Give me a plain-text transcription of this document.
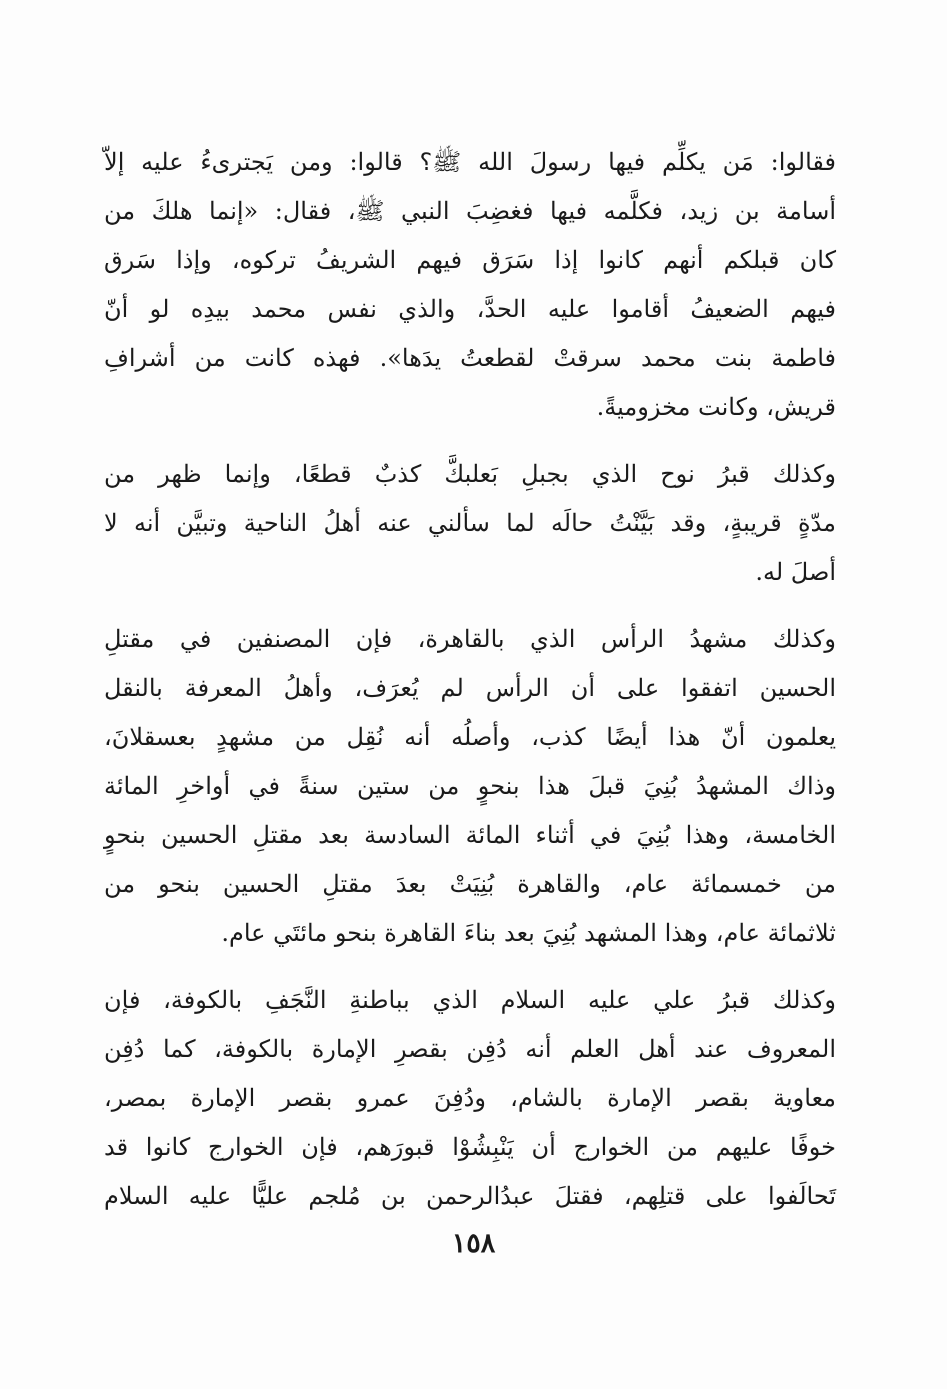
فقالوا: مَن يكلِّم فيها رسولَ الله ﷺ؟ قالوا: ومن يَجترىءُ عليه إلاّ
أسامة بن زيد، فكلَّمه فيها فغضِبَ النبي ﷺ، فقال: «إنما هلكَ من
كان قبلكم أنهم كانوا إذا سَرَق فيهم الشريفُ تركوه، وإذا سَرق
فيهم الضعيفُ أقاموا عليه الحدَّ، والذي نفس محمد بيدِه لو أنّ
فاطمة بنت محمد سرقتْ لقطعتُ يدَها». فهذه كانت من أشرافِ
قريش، وكانت مخزوميةً.
وكذلك قبرُ نوح الذي بجبلِ بَعلبكَّ كذبٌ قطعًا، وإنما ظهر من
مدّةٍ قريبةٍ، وقد بَيَّنْتُ حالَه لما سألني عنه أهلُ الناحية وتبيَّن أنه لا
أصلَ له.
وكذلك مشهدُ الرأس الذي بالقاهرة، فإن المصنفين في مقتلِ
الحسين اتفقوا على أن الرأس لم يُعرَف، وأهلُ المعرفة بالنقل
يعلمون أنّ هذا أيضًا كذب، وأصلُه أنه نُقِل من مشهدٍ بعسقلانَ،
وذاك المشهدُ بُنِيَ قبلَ هذا بنحوٍ من ستين سنةً في أواخرِ المائة
الخامسة، وهذا بُنِيَ في أثناء المائة السادسة بعد مقتلِ الحسين بنحوٍ
من خمسمائة عام، والقاهرة بُنِيَتْ بعدَ مقتلِ الحسين بنحو من
ثلاثمائة عام، وهذا المشهد بُنِيَ بعد بناءَ القاهرة بنحو مائتَي عام.
وكذلك قبرُ علي عليه السلام الذي بباطنةِ النَّجَفِ بالكوفة، فإن
المعروف عند أهل العلم أنه دُفِن بقصرِ الإمارة بالكوفة، كما دُفِن
معاوية بقصر الإمارة بالشام، ودُفِنَ عمرو بقصر الإمارة بمصر،
خوفًا عليهم من الخوارج أن يَنْبِشُوْا قبورَهم، فإن الخوارج كانوا قد
تَحالَفوا على قتلِهم، فقتلَ عبدُالرحمن بن مُلجم عليًّا عليه السلام
١٥٨
